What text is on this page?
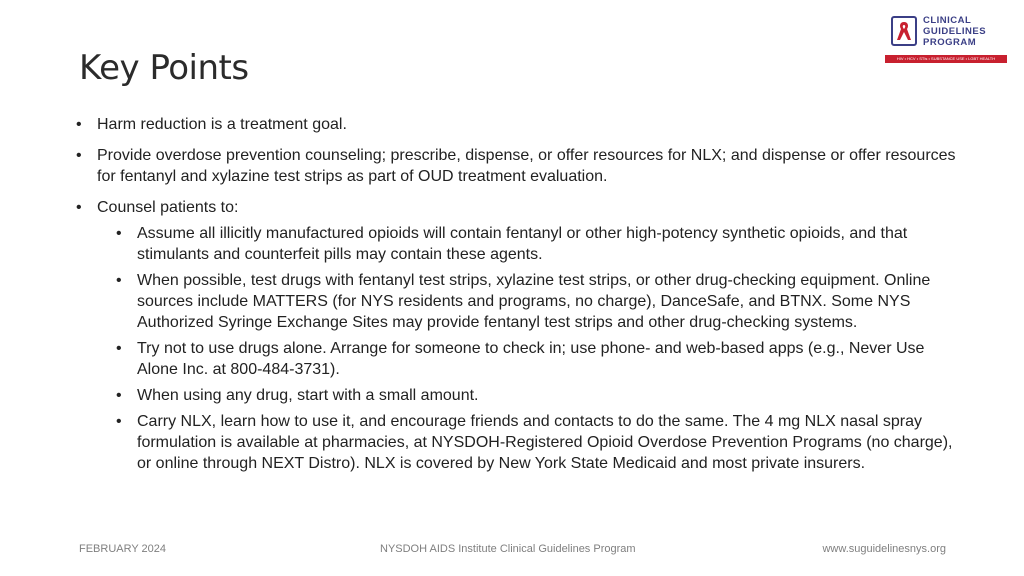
Key Points
CLINICAL
GUIDELINES
PROGRAM
HIV • HCV • STIs • SUBSTANCE USE • LGBT HEALTH
• Harm reduction is a treatment goal.
• Provide overdose prevention counseling; prescribe, dispense, or offer resources for NLX; and dispense or offer resources for fentanyl and xylazine test strips as part of OUD treatment evaluation.
• Counsel patients to:
• Assume all illicitly manufactured opioids will contain fentanyl or other high-potency synthetic opioids, and that stimulants and counterfeit pills may contain these agents.
• When possible, test drugs with fentanyl test strips, xylazine test strips, or other drug-checking equipment. Online sources include MATTERS (for NYS residents and programs, no charge), DanceSafe, and BTNX. Some NYS Authorized Syringe Exchange Sites may provide fentanyl test strips and other drug-checking systems.
• Try not to use drugs alone. Arrange for someone to check in; use phone- and web-based apps (e.g., Never Use Alone Inc. at 800-484-3731).
• When using any drug, start with a small amount.
• Carry NLX, learn how to use it, and encourage friends and contacts to do the same. The 4 mg NLX nasal spray formulation is available at pharmacies, at NYSDOH-Registered Opioid Overdose Prevention Programs (no charge), or online through NEXT Distro). NLX is covered by New York State Medicaid and most private insurers.
FEBRUARY 2024	NYSDOH AIDS Institute Clinical Guidelines Program	www.suguidelinesnys.org
